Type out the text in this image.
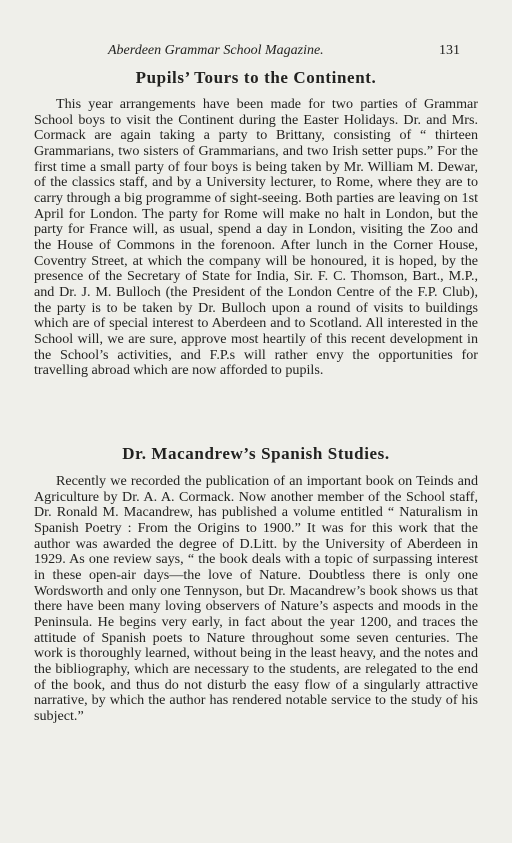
Aberdeen Grammar School Magazine.	131
Pupils’ Tours to the Continent.

This year arrangements have been made for two parties of Grammar School boys to visit the Continent during the Easter Holidays. Dr. and Mrs. Cormack are again taking a party to Brittany, consisting of “ thirteen Grammarians, two sisters of Grammarians, and two Irish setter pups.” For the first time a small party of four boys is being taken by Mr. William M. Dewar, of the classics staff, and by a University lecturer, to Rome, where they are to carry through a big programme of sight-seeing. Both parties are leaving on 1st April for London. The party for Rome will make no halt in London, but the party for France will, as usual, spend a day in London, visiting the Zoo and the House of Commons in the forenoon. After lunch in the Corner House, Coventry Street, at which the company will be honoured, it is hoped, by the presence of the Secretary of State for India, Sir. F. C. Thomson, Bart., M.P., and Dr. J. M. Bulloch (the President of the London Centre of the F.P. Club), the party is to be taken by Dr. Bulloch upon a round of visits to buildings which are of special interest to Aberdeen and to Scotland. All interested in the School will, we are sure, approve most heartily of this recent development in the School’s activities, and F.P.s will rather envy the opportunities for travelling abroad which are now afforded to pupils.

Dr. Macandrew’s Spanish Studies.

Recently we recorded the publication of an important book on Teinds and Agriculture by Dr. A. A. Cormack. Now another member of the School staff, Dr. Ronald M. Macandrew, has published a volume entitled “ Naturalism in Spanish Poetry : From the Origins to 1900.” It was for this work that the author was awarded the degree of D.Litt. by the University of Aberdeen in 1929. As one review says, “ the book deals with a topic of surpassing interest in these open-air days—the love of Nature. Doubtless there is only one Wordsworth and only one Tennyson, but Dr. Macandrew’s book shows us that there have been many loving observers of Nature’s aspects and moods in the Peninsula. He begins very early, in fact about the year 1200, and traces the attitude of Spanish poets to Nature throughout some seven centuries. The work is thoroughly learned, without being in the least heavy, and the notes and the bibliography, which are necessary to the students, are relegated to the end of the book, and thus do not disturb the easy flow of a singularly attractive narrative, by which the author has rendered notable service to the study of his subject.”
